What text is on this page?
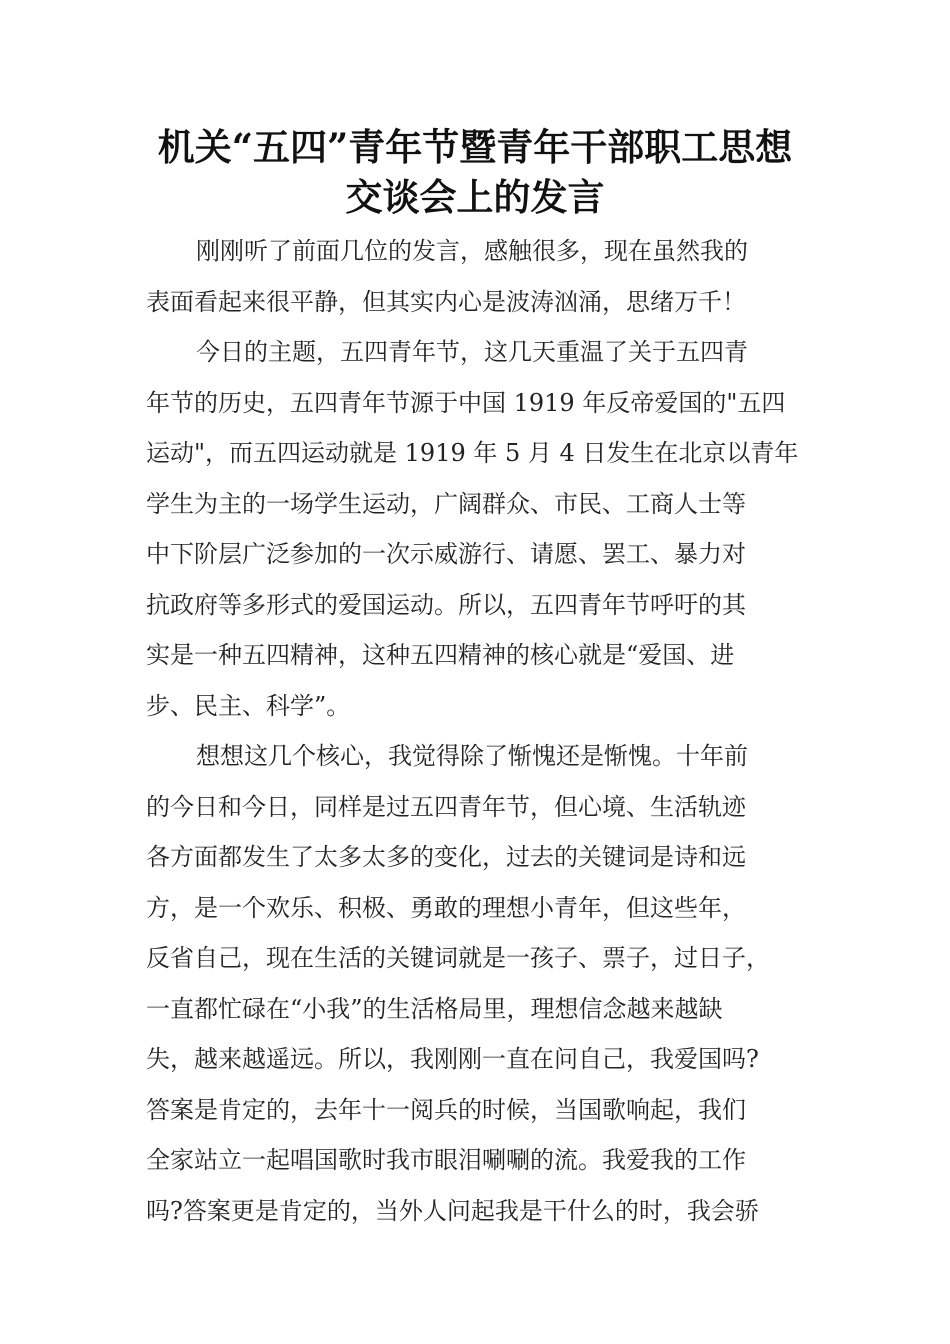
机关“五四”青年节暨青年干部职工思想
交谈会上的发言
刚刚听了前面几位的发言，感触很多，现在虽然我的
表面看起来很平静，但其实内心是波涛汹涌，思绪万千！
今日的主题，五四青年节，这几天重温了关于五四青
年节的历史，五四青年节源于中国 1919 年反帝爱国的"五四
运动"，而五四运动就是 1919 年 5 月 4 日发生在北京以青年
学生为主的一场学生运动，广阔群众、市民、工商人士等
中下阶层广泛参加的一次示威游行、请愿、罢工、暴力对
抗政府等多形式的爱国运动。所以，五四青年节呼吁的其
实是一种五四精神，这种五四精神的核心就是“爱国、进
步、民主、科学”。
想想这几个核心，我觉得除了惭愧还是惭愧。十年前
的今日和今日，同样是过五四青年节，但心境、生活轨迹
各方面都发生了太多太多的变化，过去的关键词是诗和远
方，是一个欢乐、积极、勇敢的理想小青年，但这些年，
反省自己，现在生活的关键词就是一孩子、票子，过日子，
一直都忙碌在“小我”的生活格局里，理想信念越来越缺
失，越来越遥远。所以，我刚刚一直在问自己，我爱国吗?
答案是肯定的，去年十一阅兵的时候，当国歌响起，我们
全家站立一起唱国歌时我市眼泪唰唰的流。我爱我的工作
吗?答案更是肯定的，当外人问起我是干什么的时，我会骄
